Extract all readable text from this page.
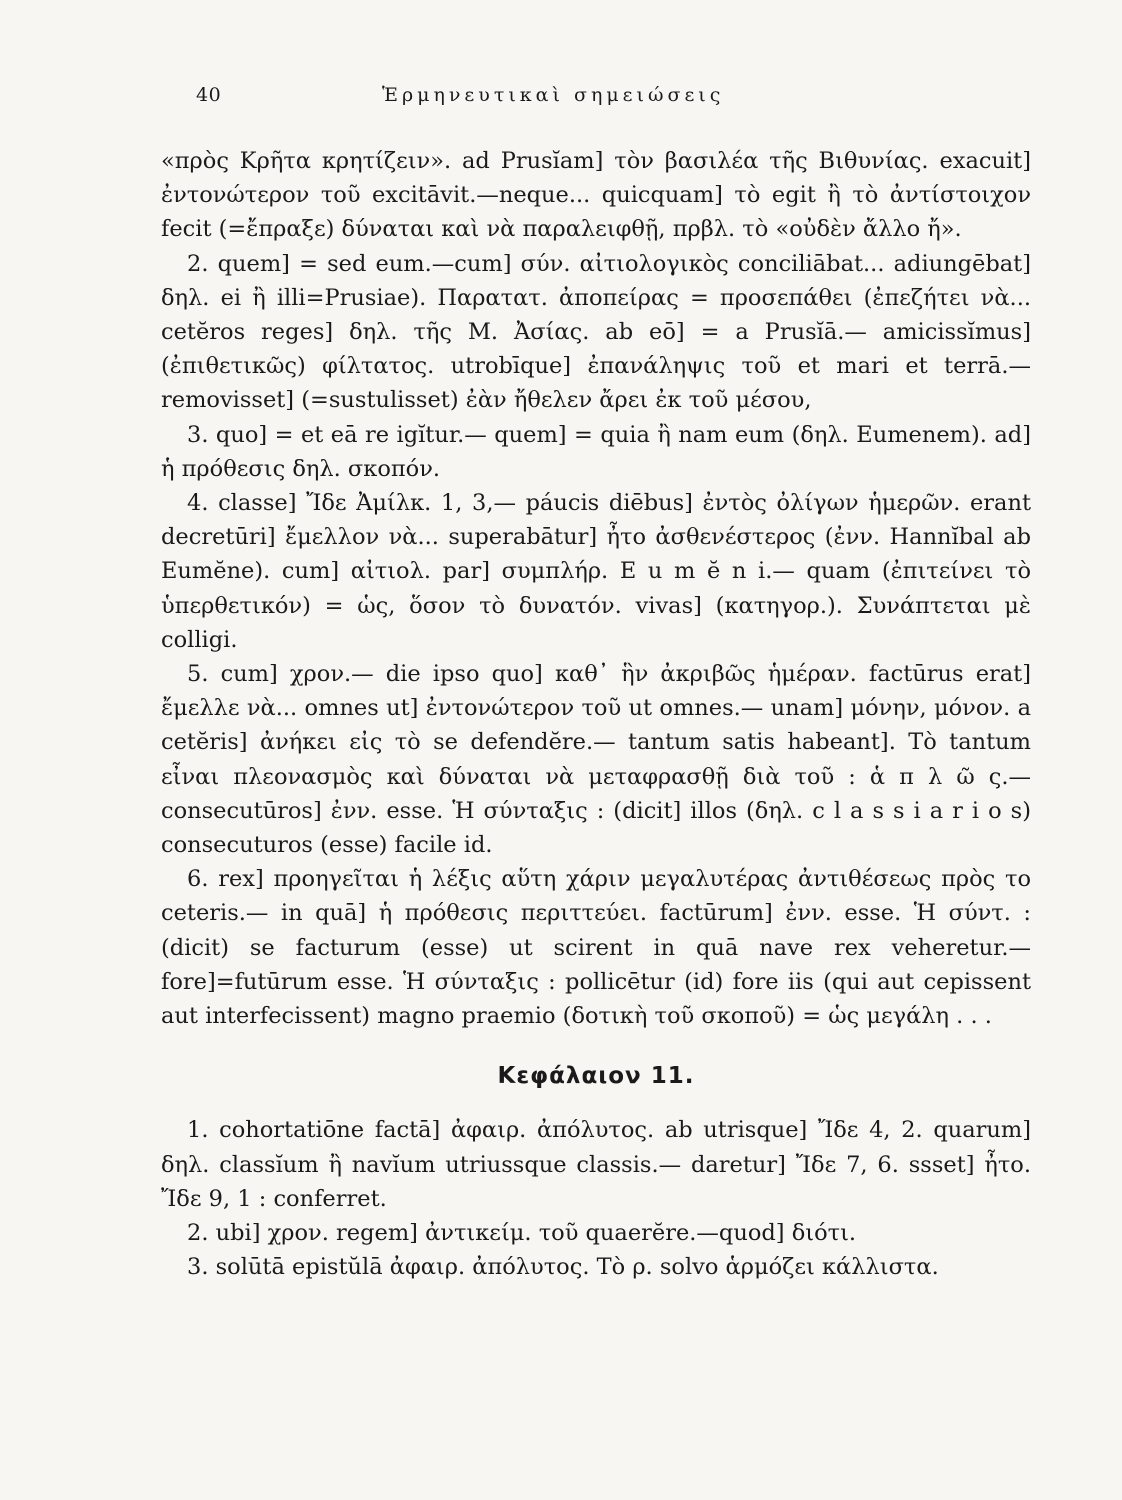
40	Ἑρμηνευτικαὶ σημειώσεις

«πρὸς Κρῆτα κρητίζειν». ad Prusĭam] τὸν βασιλέα τῆς Βιθυνίας. exacuit] ἐντονώτερον τοῦ excitāvit.—neque... quicquam] τὸ egit ἢ τὸ ἀντίστοιχον fecit (=ἔπραξε) δύναται καὶ νὰ παραλειφθῇ, πρβλ. τὸ «οὐδὲν ἄλλο ἤ».

2. quem] = sed eum.—cum] σύν. αἰτιολογικὸς conciliābat... adiungēbat] δηλ. ei ἢ illi=Prusiae). Παρατατ. ἀποπείρας = προσεπάθει (ἐπεζήτει νὰ... cetĕros reges] δηλ. τῆς Μ. Ἀσίας. ab eō] = a Prusĭā.— amicissĭmus] (ἐπιθετικῶς) φίλτατος. utrobīque] ἐπανάληψις τοῦ et mari et terrā.— removisset] (=sustulisset) ἐὰν ἤθελεν ἄρει ἐκ τοῦ μέσου,

3. quo] = et eā re igĭtur.— quem] = quia ἢ nam eum (δηλ. Eumenem). ad] ἡ πρόθεσις δηλ. σκοπόν.

4. classe] Ἴδε Ἀμίλκ. 1, 3,— páucis diēbus] ἐντὸς ὀλίγων ἡμερῶν. erant decretūri] ἔμελλον νὰ... superabātur] ἦτο ἀσθενέστερος (ἐνν. Hannĭbal ab Eumĕne). cum] αἰτιολ. par] συμπλήρ. E u m ĕ n i.— quam (ἐπιτείνει τὸ ὑπερθετικόν) = ὡς, ὅσον τὸ δυνατόν. vivas] (κατηγορ.). Συνάπτεται μὲ colligi.

5. cum] χρον.— die ipso quo] καθ᾽ ἣν ἀκριβῶς ἡμέραν. factūrus erat] ἔμελλε νὰ... omnes ut] ἐντονώτερον τοῦ ut omnes.— unam] μόνην, μόνον. a cetĕris] ἀνήκει εἰς τὸ se defendĕre.— tantum satis habeant]. Τὸ tantum εἶναι πλεονασμὸς καὶ δύναται νὰ μεταφρασθῇ διὰ τοῦ : ἁ π λ ῶ ς.— consecutūros] ἐνν. esse. Ἡ σύνταξις : (dicit] illos (δηλ. c l a s s i a r i o s) consecuturos (esse) facile id.

6. rex] προηγεῖται ἡ λέξις αὕτη χάριν μεγαλυτέρας ἀντιθέσεως πρὸς το ceteris.— in quā] ἡ πρόθεσις περιττεύει. factūrum] ἐνν. esse. Ἡ σύντ. : (dicit) se facturum (esse) ut scirent in quā nave rex veheretur.— fore]=futūrum esse. Ἡ σύνταξις : pollicētur (id) fore iis (qui aut cepissent aut interfecissent) magno praemio (δοτικὴ τοῦ σκοποῦ) = ὡς μεγάλη . . .

Κεφάλαιον 11.

1. cohortatiōne factā] ἀφαιρ. ἀπόλυτος. ab utrisque] Ἴδε 4, 2. quarum] δηλ. classĭum ἢ navĭum utriussque classis.— daretur] Ἴδε 7, 6. ssset] ἦτο. Ἴδε 9, 1 : conferret.

2. ubi] χρον. regem] ἀντικείμ. τοῦ quaerĕre.—quod] διότι.

3. solūtā epistŭlā ἀφαιρ. ἀπόλυτος. Τὸ ρ. solvo ἁρμόζει κάλλιστα.
